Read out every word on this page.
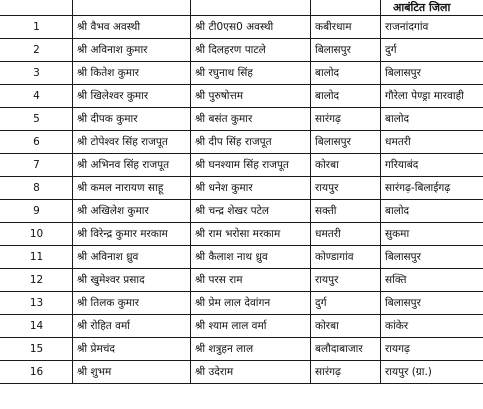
				आबंटित जिला
1	श्री वैभव अवस्थी	श्री टी0एस0 अवस्थी	कबीरधाम	राजनांदगांव
2	श्री अविनाश कुमार	श्री दिलहरण पाटले	बिलासपुर	दुर्ग
3	श्री कितेश कुमार	श्री रघुनाथ सिंह	बालोद	बिलासपुर
4	श्री खिलेश्वर कुमार	श्री पुरुषोत्तम	बालोद	गौरेला पेण्ड्रा मारवाही
5	श्री दीपक कुमार	श्री बसंत कुमार	सारंगढ़	बालोद
6	श्री टोपेश्वर सिंह राजपूत	श्री दीप सिंह राजपूत	बिलासपुर	धमतरी
7	श्री अभिनव सिंह राजपूत	श्री घनश्याम सिंह राजपूत	कोरबा	गरियाबंद
8	श्री कमल नारायण साहू	श्री धनेश कुमार	रायपुर	सारंगढ़-बिलाईगढ़
9	श्री अखिलेश कुमार	श्री चन्द्र शेखर पटेल	सक्ती	बालोद
10	श्री विरेन्द्र कुमार मरकाम	श्री राम भरोसा मरकाम	धमतरी	सुकमा
11	श्री अविनाश ध्रुव	श्री कैलाश नाथ ध्रुव	कोण्डागांव	बिलासपुर
12	श्री खुमेश्वर प्रसाद	श्री परस राम	रायपुर	सक्ति
13	श्री तिलक कुमार	श्री प्रेम लाल देवांगन	दुर्ग	बिलासपुर
14	श्री रोहित वर्मा	श्री श्याम लाल वर्मा	कोरबा	कांकेर
15	श्री प्रेमचंद	श्री शत्रुहन लाल	बलौदाबाजार	रायगढ़
16	श्री शुभम	श्री उदेराम	सारंगढ़	रायपुर (ग्रा.)
